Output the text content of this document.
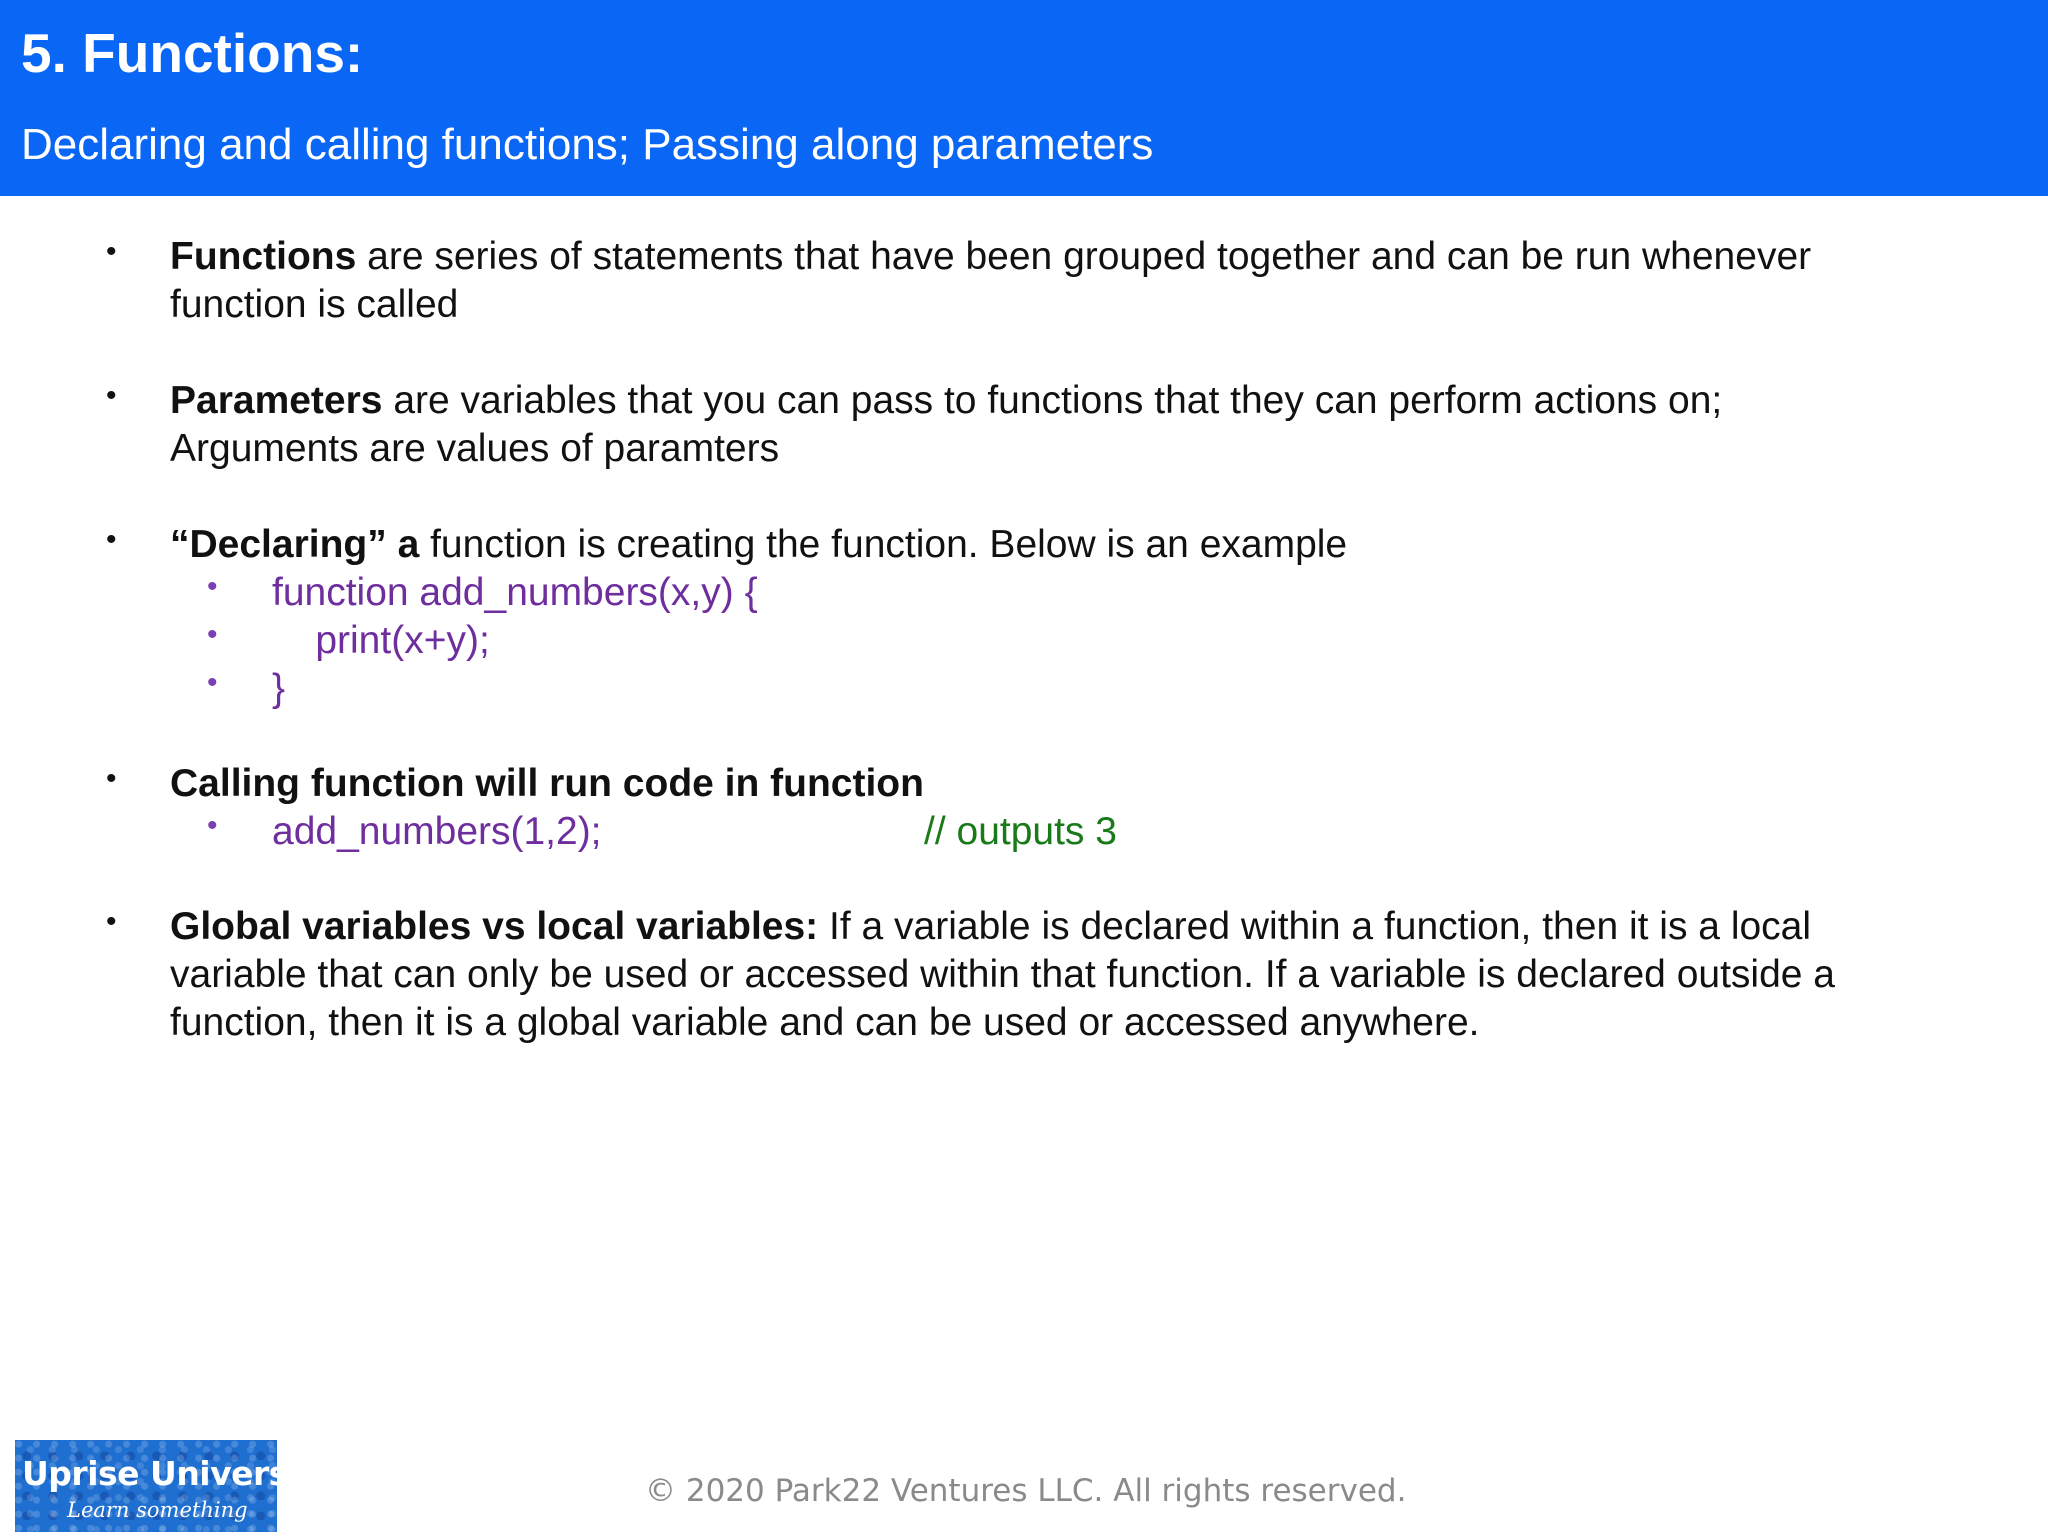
5. Functions:
Declaring and calling functions; Passing along parameters
• Functions are series of statements that have been grouped together and can be run whenever function is called
• Parameters are variables that you can pass to functions that they can perform actions on; Arguments are values of paramters
• “Declaring” a function is creating the function. Below is an example
• function add_numbers(x,y) {
• print(x+y);
• }
• Calling function will run code in function
• add_numbers(1,2);	// outputs 3
• Global variables vs local variables: If a variable is declared within a function, then it is a local variable that can only be used or accessed within that function. If a variable is declared outside a function, then it is a global variable and can be used or accessed anywhere.
Uprise University
Learn something
© 2020 Park22 Ventures LLC. All rights reserved.
